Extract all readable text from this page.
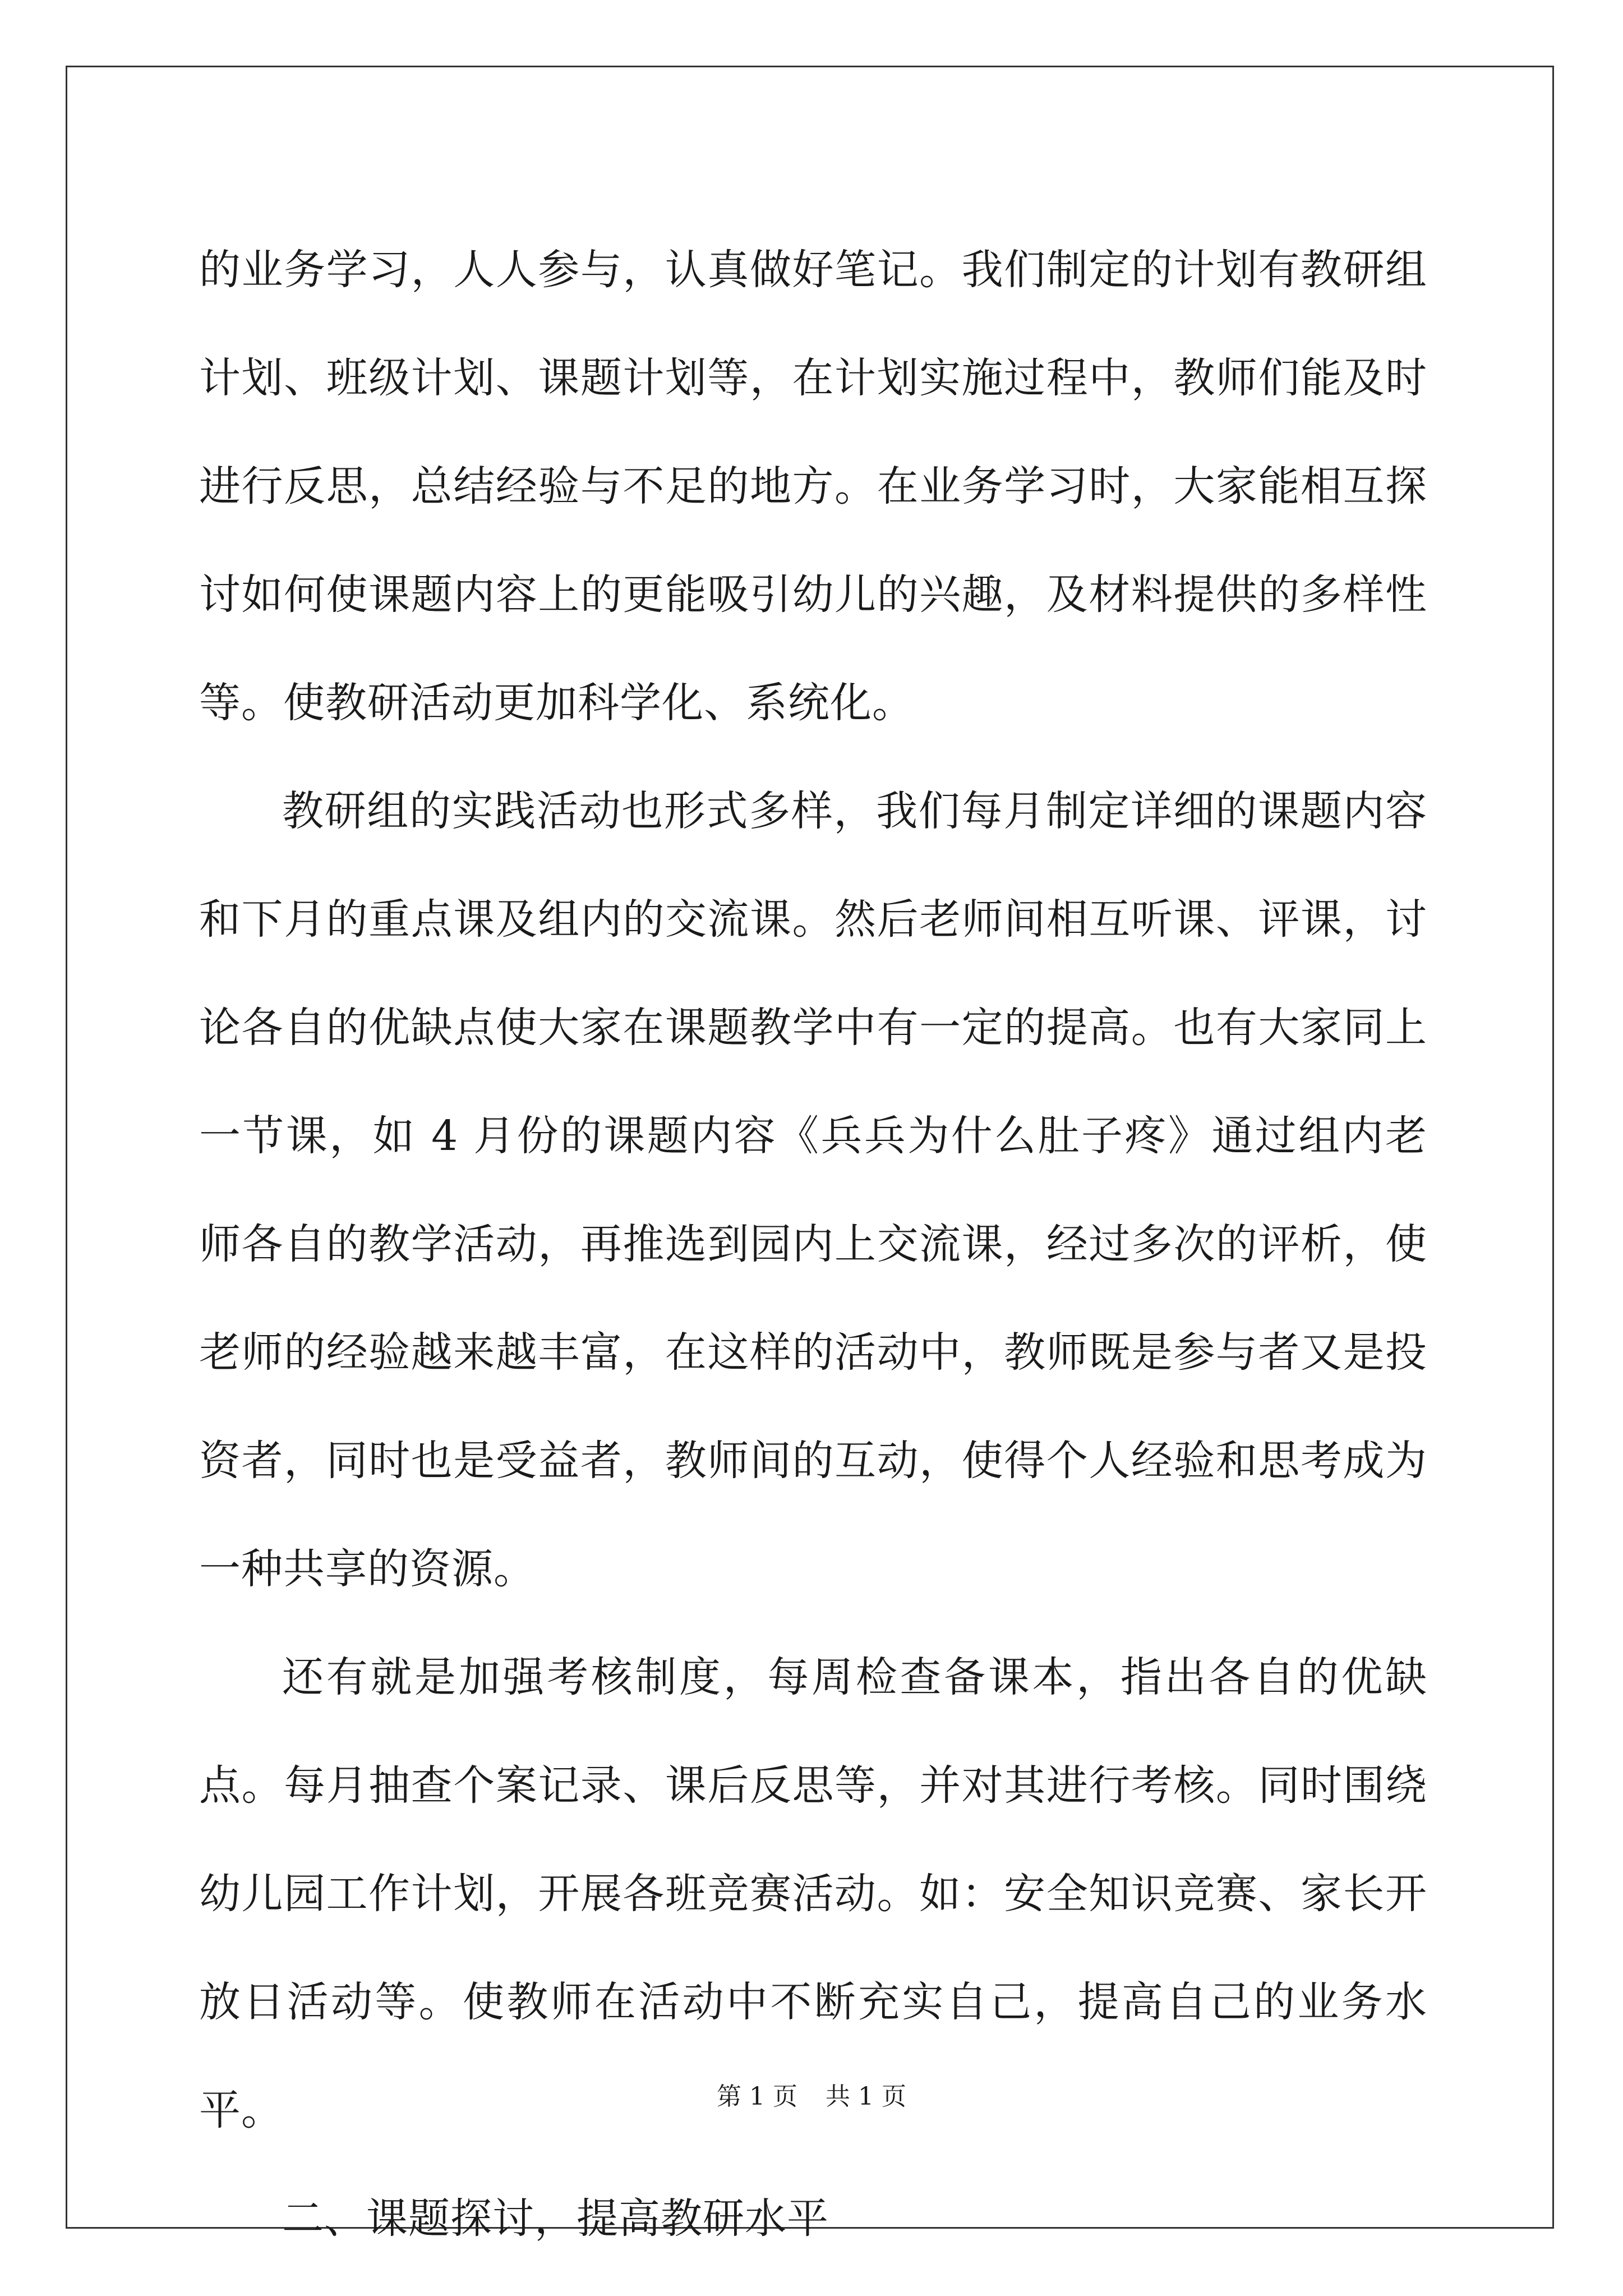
的业务学习，人人参与，认真做好笔记。我们制定的计划有教研组计划、班级计划、课题计划等，在计划实施过程中，教师们能及时进行反思，总结经验与不足的地方。在业务学习时，大家能相互探讨如何使课题内容上的更能吸引幼儿的兴趣，及材料提供的多样性等。使教研活动更加科学化、系统化。

教研组的实践活动也形式多样，我们每月制定详细的课题内容和下月的重点课及组内的交流课。然后老师间相互听课、评课，讨论各自的优缺点使大家在课题教学中有一定的提高。也有大家同上一节课，如 4 月份的课题内容《兵兵为什么肚子疼》通过组内老师各自的教学活动，再推选到园内上交流课，经过多次的评析，使老师的经验越来越丰富，在这样的活动中，教师既是参与者又是投资者，同时也是受益者，教师间的互动，使得个人经验和思考成为一种共享的资源。

还有就是加强考核制度，每周检查备课本，指出各自的优缺点。每月抽查个案记录、课后反思等，并对其进行考核。同时围绕幼儿园工作计划，开展各班竞赛活动。如：安全知识竞赛、家长开放日活动等。使教师在活动中不断充实自己，提高自己的业务水平。

二、课题探讨，提高教研水平

第 1 页 共 1 页
